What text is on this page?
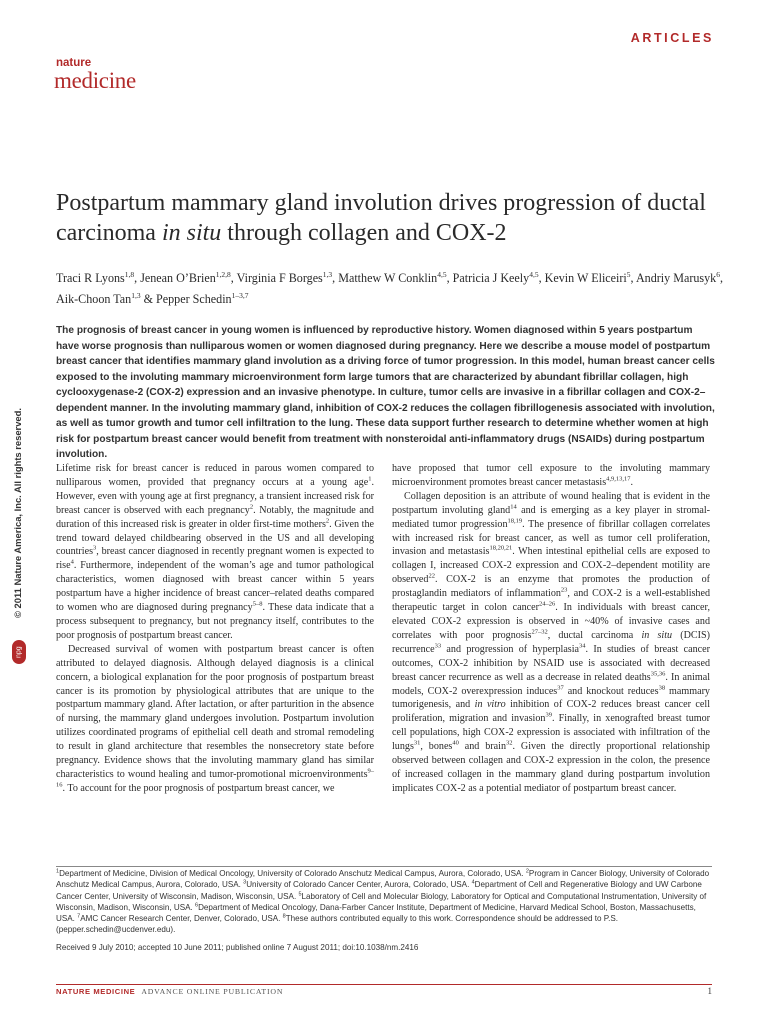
ARTICLES
nature
medicine
Postpartum mammary gland involution drives progression of ductal carcinoma in situ through collagen and COX-2
Traci R Lyons$^{1,8}$, Jenean O’Brien$^{1,2,8}$, Virginia F Borges$^{1,3}$, Matthew W Conklin$^{4,5}$, Patricia J Keely$^{4,5}$, Kevin W Eliceiri$^5$, Andriy Marusyk$^6$, Aik-Choon Tan$^{1,3}$ & Pepper Schedin$^{1-3,7}$

The prognosis of breast cancer in young women is influenced by reproductive history. Women diagnosed within 5 years postpartum have worse prognosis than nulliparous women or women diagnosed during pregnancy. Here we describe a mouse model of postpartum breast cancer that identifies mammary gland involution as a driving force of tumor progression. In this model, human breast cancer cells exposed to the involuting mammary microenvironment form large tumors that are characterized by abundant fibrillar collagen, high cyclooxygenase-2 (COX-2) expression and an invasive phenotype. In culture, tumor cells are invasive in a fibrillar collagen and COX-2–dependent manner. In the involuting mammary gland, inhibition of COX-2 reduces the collagen fibrillogenesis associated with involution, as well as tumor growth and tumor cell infiltration to the lung. These data support further research to determine whether women at high risk for postpartum breast cancer would benefit from treatment with nonsteroidal anti-inflammatory drugs (NSAIDs) during postpartum involution.

© 2011 Nature America, Inc. All rights reserved.
npg

Lifetime risk for breast cancer is reduced in parous women compared to nulliparous women, provided that pregnancy occurs at a young age$^1$. However, even with young age at first pregnancy, a transient increased risk for breast cancer is observed with each pregnancy$^2$. Notably, the magnitude and duration of this increased risk is greater in older first-time mothers$^2$. Given the trend toward delayed childbearing observed in the US and all developing countries$^3$, breast cancer diagnosed in recently pregnant women is expected to rise$^4$. Furthermore, independent of the woman’s age and tumor pathological characteristics, women diagnosed with breast cancer within 5 years postpartum have a higher incidence of breast cancer–related deaths compared to women who are diagnosed during pregnancy$^{5-8}$. These data indicate that a process subsequent to pregnancy, but not pregnancy itself, contributes to the poor prognosis of postpartum breast cancer.

Decreased survival of women with postpartum breast cancer is often attributed to delayed diagnosis. Although delayed diagnosis is a clinical concern, a biological explanation for the poor prognosis of postpartum breast cancer is its promotion by physiological attributes that are unique to the postpartum mammary gland. After lactation, or after parturition in the absence of nursing, the mammary gland undergoes involution. Postpartum involution utilizes coordinated programs of epithelial cell death and stromal remodeling to result in gland architecture that resembles the nonsecretory state before pregnancy. Evidence shows that the involuting mammary gland has similar characteristics to wound healing and tumor-promotional microenvironments$^{9-16}$. To account for the poor prognosis of postpartum breast cancer, we

have proposed that tumor cell exposure to the involuting mammary microenvironment promotes breast cancer metastasis$^{4,9,13,17}$.

Collagen deposition is an attribute of wound healing that is evident in the postpartum involuting gland$^{14}$ and is emerging as a key player in stromal-mediated tumor progression$^{18,19}$. The presence of fibrillar collagen correlates with increased risk for breast cancer, as well as tumor cell proliferation, invasion and metastasis$^{18,20,21}$. When intestinal epithelial cells are exposed to collagen I, increased COX-2 expression and COX-2–dependent motility are observed$^{22}$. COX-2 is an enzyme that promotes the production of prostaglandin mediators of inflammation$^{23}$, and COX-2 is a well-established therapeutic target in colon cancer$^{24-26}$. In individuals with breast cancer, elevated COX-2 expression is observed in ~40% of invasive cases and correlates with poor prognosis$^{27-32}$, ductal carcinoma in situ (DCIS) recurrence$^{33}$ and progression of hyperplasia$^{34}$. In studies of breast cancer outcomes, COX-2 inhibition by NSAID use is associated with decreased breast cancer recurrence as well as a decrease in related deaths$^{35,36}$. In animal models, COX-2 overexpression induces$^{37}$ and knockout reduces$^{38}$ mammary tumorigenesis, and in vitro inhibition of COX-2 reduces breast cancer cell proliferation, migration and invasion$^{39}$. Finally, in xenografted breast tumor cell populations, high COX-2 expression is associated with infiltration of the lungs$^{31}$, bones$^{40}$ and brain$^{32}$. Given the directly proportional relationship observed between collagen and COX-2 expression in the colon, the presence of increased collagen in the mammary gland during postpartum involution implicates COX-2 as a potential mediator of postpartum breast cancer.

$^1$Department of Medicine, Division of Medical Oncology, University of Colorado Anschutz Medical Campus, Aurora, Colorado, USA. $^2$Program in Cancer Biology, University of Colorado Anschutz Medical Campus, Aurora, Colorado, USA. $^3$University of Colorado Cancer Center, Aurora, Colorado, USA. $^4$Department of Cell and Regenerative Biology and UW Carbone Cancer Center, University of Wisconsin, Madison, Wisconsin, USA. $^5$Laboratory of Cell and Molecular Biology, Laboratory for Optical and Computational Instrumentation, University of Wisconsin, Madison, Wisconsin, USA. $^6$Department of Medical Oncology, Dana-Farber Cancer Institute, Department of Medicine, Harvard Medical School, Boston, Massachusetts, USA. $^7$AMC Cancer Research Center, Denver, Colorado, USA. $^8$These authors contributed equally to this work. Correspondence should be addressed to P.S. (pepper.schedin@ucdenver.edu).
Received 9 July 2010; accepted 10 June 2011; published online 7 August 2011; doi:10.1038/nm.2416
NATURE MEDICINE ADVANCE ONLINE PUBLICATION	1
